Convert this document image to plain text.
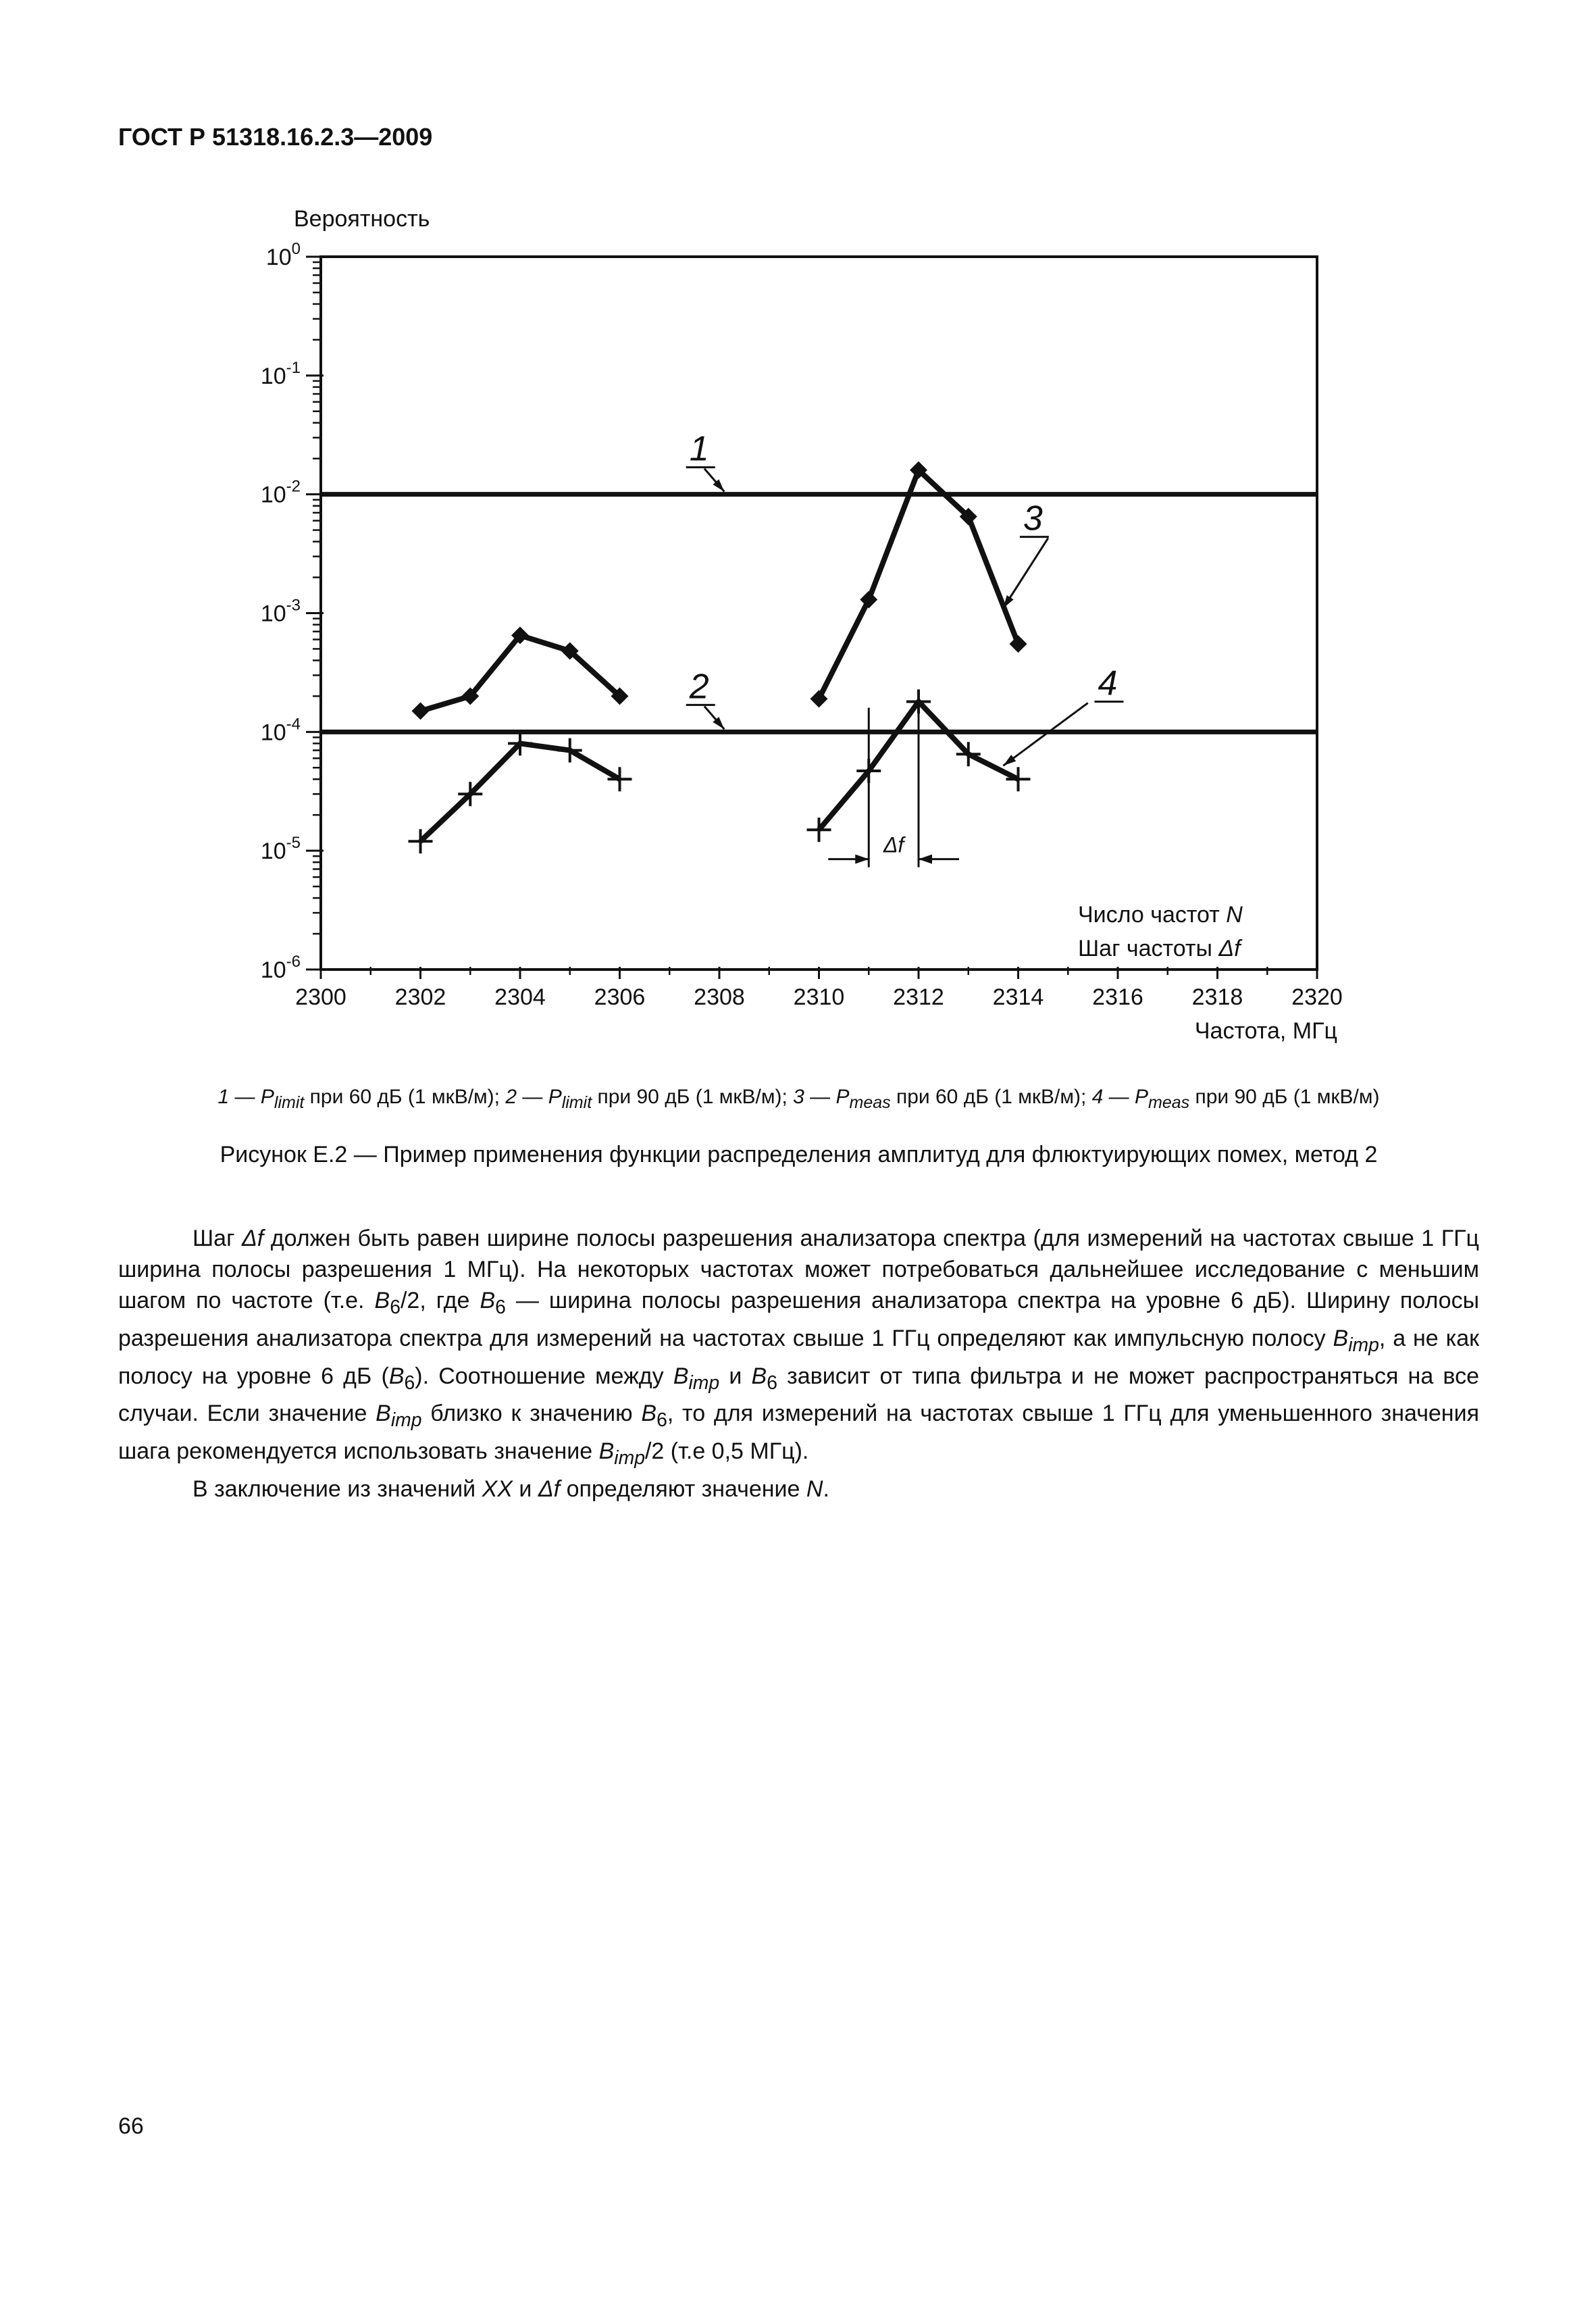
ГОСТ Р 51318.16.2.3—2009
$10^0$
$10^{-1}$
$10^{-2}$
$10^{-3}$
$10^{-4}$
$10^{-5}$
$10^{-6}$
2300 2302 2304 2306 2308 2310 2312 2314 2316 2318 2320
Вероятность
Частота, МГц
1
2
3
4
Δf
Число частот N
Шаг частоты Δf
1 — $P_{limit}$ при 60 дБ (1 мкВ/м); 2 — $P_{limit}$ при 90 дБ (1 мкВ/м); 3 — $P_{meas}$ при 60 дБ (1 мкВ/м); 4 — $P_{meas}$ при 90 дБ (1 мкВ/м)
Рисунок Е.2 — Пример применения функции распределения амплитуд для флюктуирующих помех, метод 2

Шаг Δf должен быть равен ширине полосы разрешения анализатора спектра (для измерений на частотах свыше 1 ГГц ширина полосы разрешения 1 МГц). На некоторых частотах может потребоваться дальнейшее исследование с меньшим шагом по частоте (т.е. $B_6/2$, где $B_6$ — ширина полосы разрешения анализатора спектра на уровне 6 дБ). Ширину полосы разрешения анализатора спектра для измерений на частотах свыше 1 ГГц определяют как импульсную полосу $B_{imp}$, а не как полосу на уровне 6 дБ $(B_6)$. Соотношение между $B_{imp}$ и $B_6$ зависит от типа фильтра и не может распространяться на все случаи. Если значение $B_{imp}$ близко к значению $B_6$, то для измерений на частотах свыше 1 ГГц для уменьшенного значения шага рекомендуется использовать значение $B_{imp}/2$ (т.е 0,5 МГц).

В заключение из значений XX и Δf определяют значение N.

66
